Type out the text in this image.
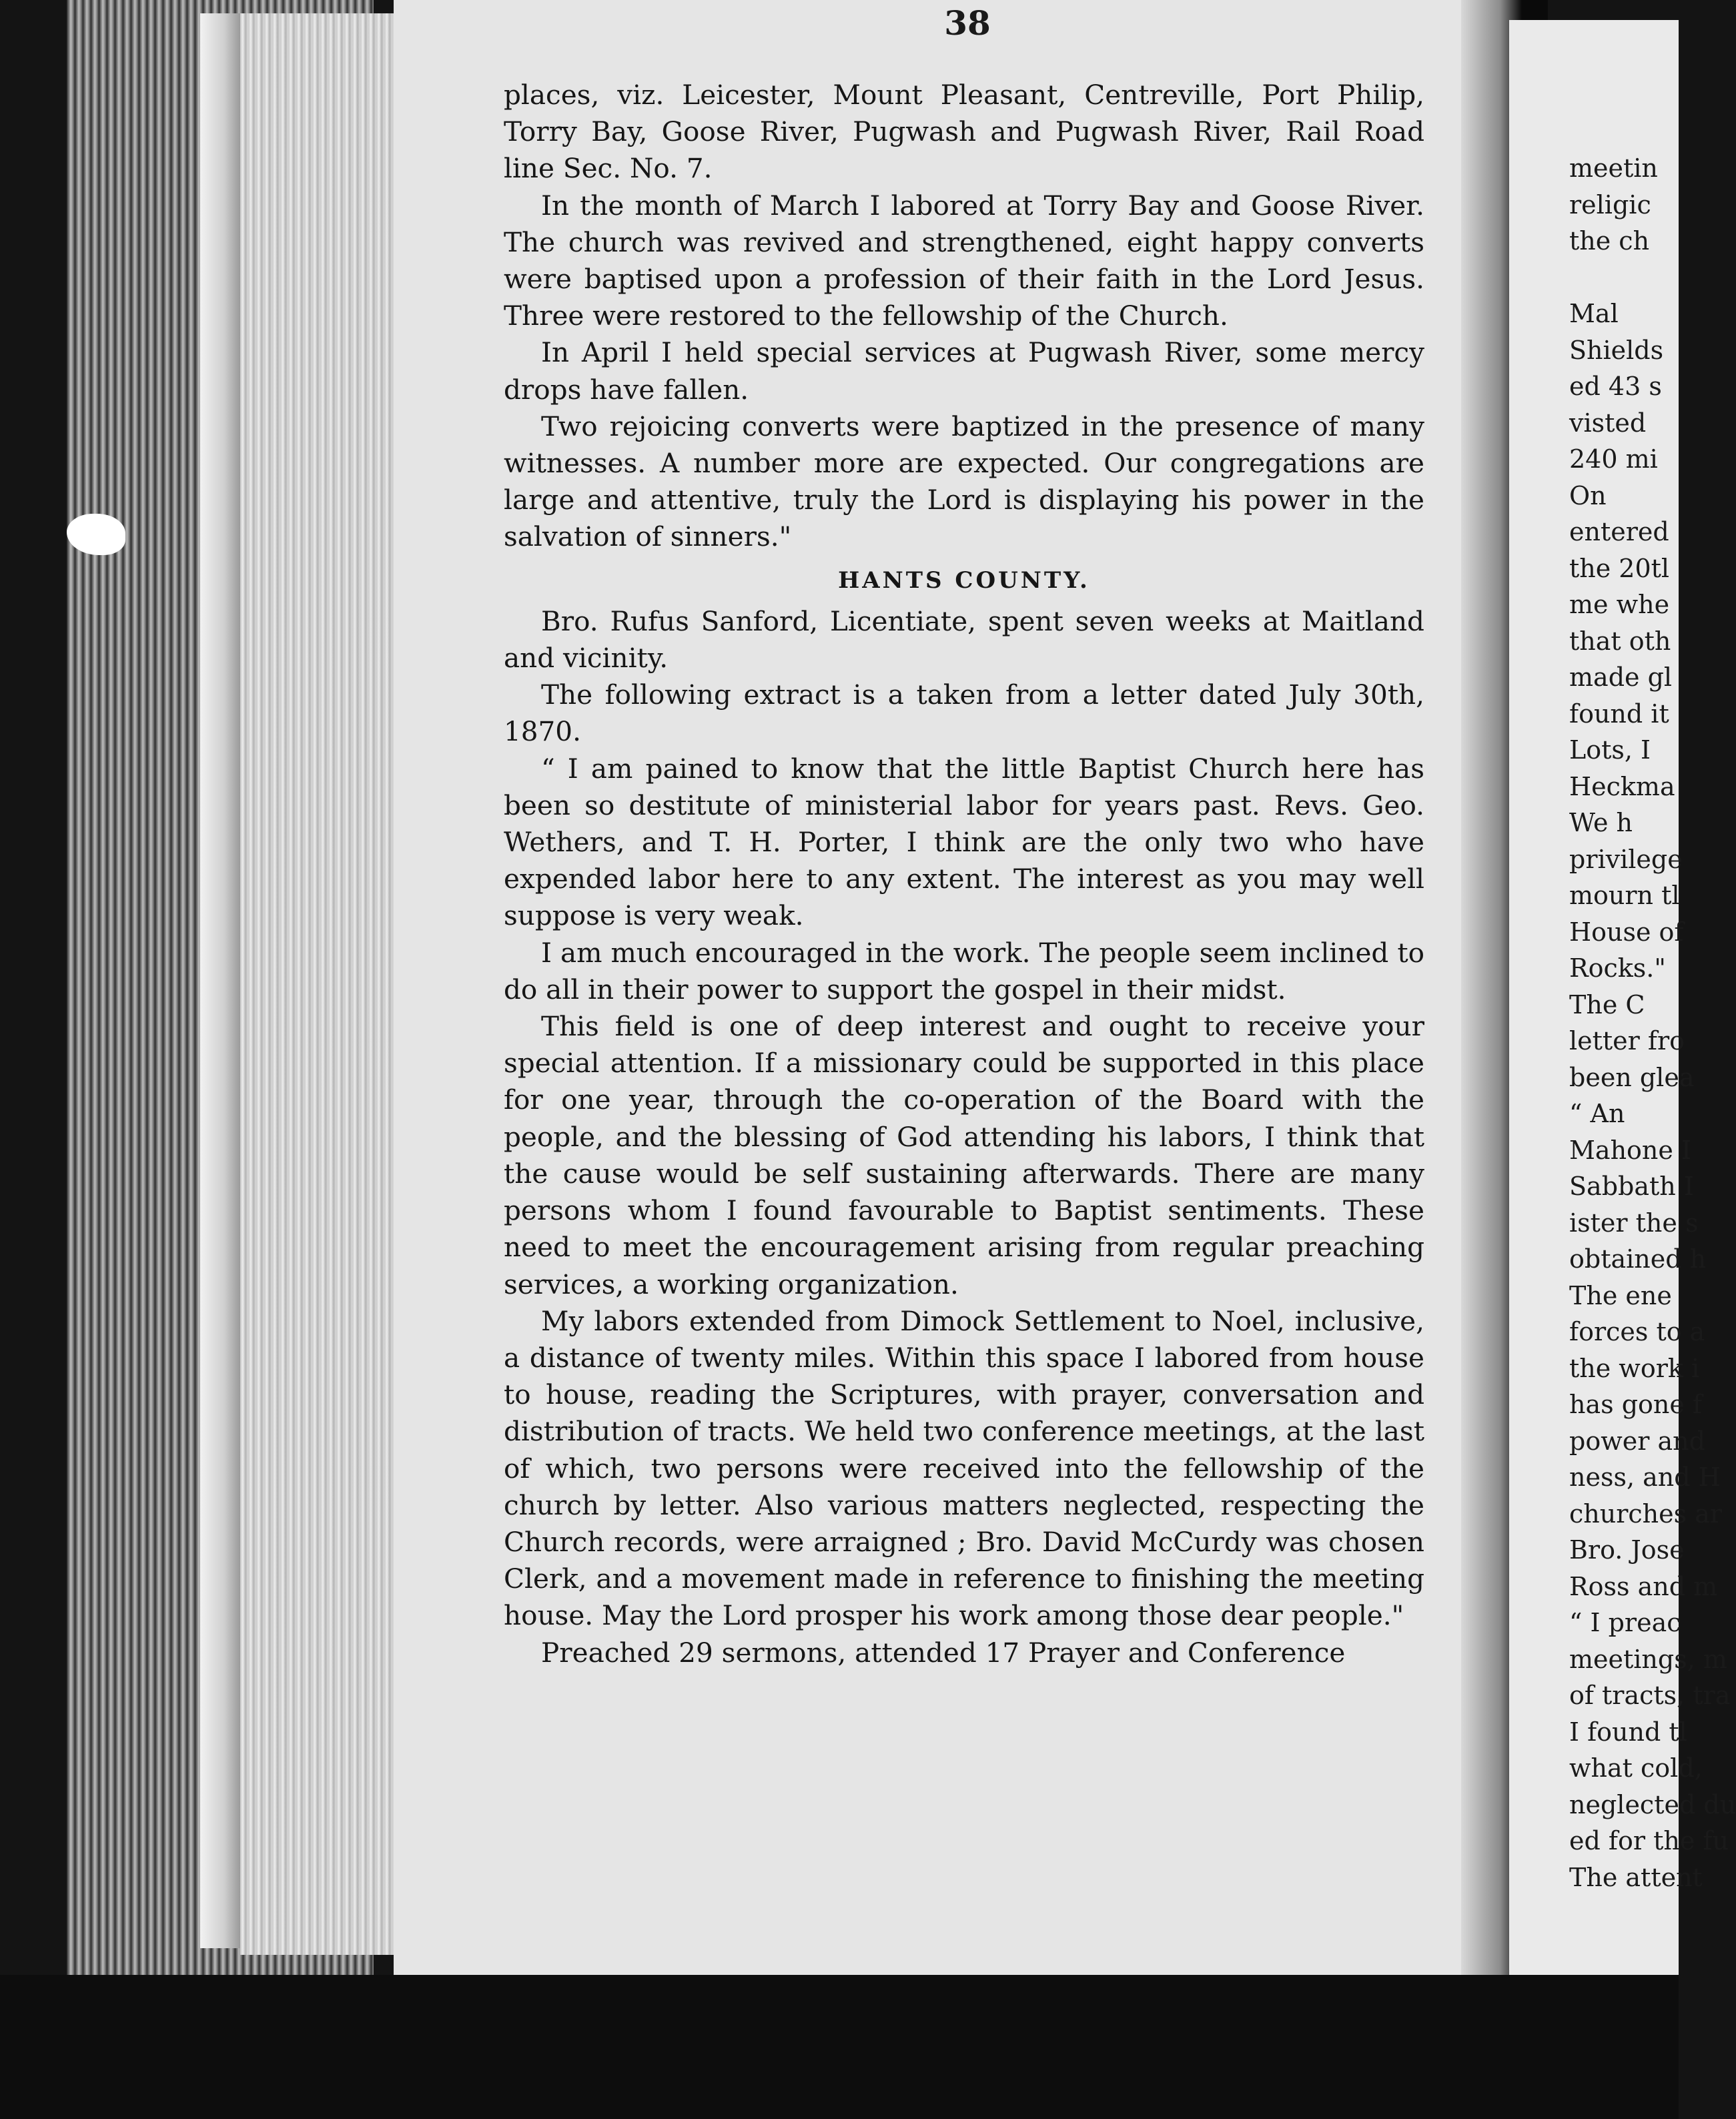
38

places, viz. Leicester, Mount Pleasant, Centreville, Port Philip, Torry Bay, Goose River, Pugwash and Pugwash River, Rail Road line Sec. No. 7.

In the month of March I labored at Torry Bay and Goose River. The church was revived and strengthened, eight happy converts were baptised upon a profession of their faith in the Lord Jesus. Three were restored to the fellowship of the Church.

In April I held special services at Pugwash River, some mercy drops have fallen.

Two rejoicing converts were baptized in the presence of many witnesses. A number more are expected. Our congregations are large and attentive, truly the Lord is displaying his power in the salvation of sinners."

HANTS COUNTY.

Bro. Rufus Sanford, Licentiate, spent seven weeks at Maitland and vicinity.

The following extract is a taken from a letter dated July 30th, 1870.

“ I am pained to know that the little Baptist Church here has been so destitute of ministerial labor for years past. Revs. Geo. Wethers, and T. H. Porter, I think are the only two who have expended labor here to any extent. The interest as you may well suppose is very weak.

I am much encouraged in the work. The people seem inclined to do all in their power to support the gospel in their midst.

This field is one of deep interest and ought to receive your special attention. If a missionary could be supported in this place for one year, through the co-operation of the Board with the people, and the blessing of God attending his labors, I think that the cause would be self sustaining afterwards. There are many persons whom I found favourable to Baptist sentiments. These need to meet the encouragement arising from regular preaching services, a working organization.

My labors extended from Dimock Settlement to Noel, inclusive, a distance of twenty miles. Within this space I labored from house to house, reading the Scriptures, with prayer, conversation and distribution of tracts. We held two conference meetings, at the last of which, two persons were received into the fellowship of the church by letter. Also various matters neglected, respecting the Church records, were arraigned ; Bro. David McCurdy was chosen Clerk, and a movement made in reference to finishing the meeting house. May the Lord prosper his work among those dear people."

Preached 29 sermons, attended 17 Prayer and Conference

meetin
religic
the ch
Mal
Shields
ed 43 s
visted
240 mi
On
entered
the 20tl
me whe
that oth
made gl
found it
Lots, I
Heckma
We h
privilege
mourn tl
House of
Rocks."
The C
letter fro
been glea
“ An
Mahone I
Sabbath I
ister the s
obtained h
The ene
forces to a
the work i
has gone f
power and
ness, and H
churches ar
Bro. Jose
Ross and m
“ I preac
meetings, m
of tracts, tra
I found tl
what cold,
neglected du
ed for the fu
The attent
